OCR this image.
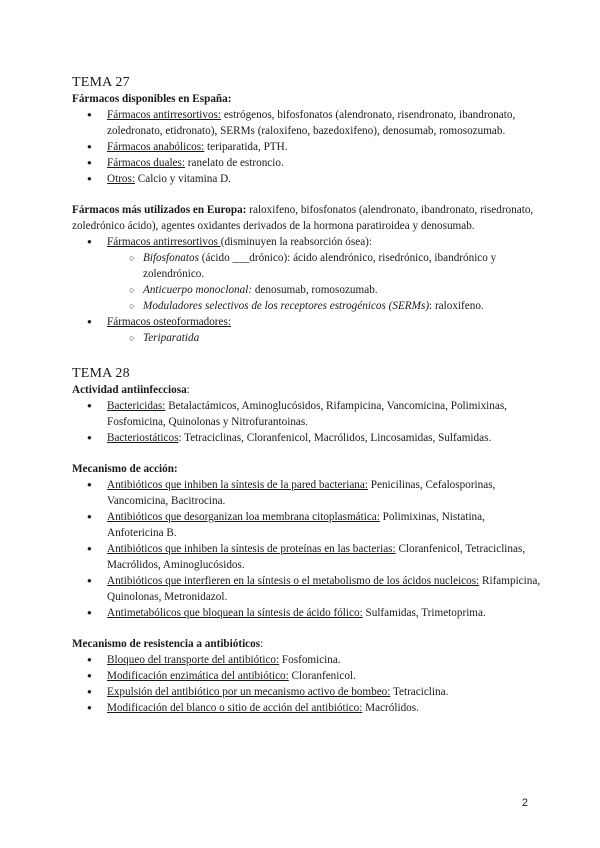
TEMA 27

Fármacos disponibles en España:

● Fármacos antirresortivos: estrógenos, bifosfonatos (alendronato, risendronato, ibandronato, zoledronato, etidronato), SERMs (raloxifeno, bazedoxifeno), denosumab, romosozumab.
● Fármacos anabólicos: teriparatida, PTH.
● Fármacos duales: ranelato de estroncio.
● Otros: Calcio y vitamina D.

Fármacos más utilizados en Europa: raloxifeno, bifosfonatos (alendronato, ibandronato, risedronato, zoledrónico ácido), agentes oxidantes derivados de la hormona paratiroidea y denosumab.

● Fármacos antirresortivos (disminuyen la reabsorción ósea):
○ Bifosfonatos (ácido ___drónico): ácido alendrónico, risedrónico, ibandrónico y zolendrónico.
○ Anticuerpo monoclonal: denosumab, romosozumab.
○ Moduladores selectivos de los receptores estrogénicos (SERMs): raloxifeno.
● Fármacos osteoformadores:
○ Teriparatida
TEMA 28

Actividad antiinfecciosa:

● Bactericidas: Betalactámicos, Aminoglucósidos, Rifampicina, Vancomicina, Polimixinas, Fosfomicina, Quinolonas y Nitrofurantoinas.
● Bacteriostáticos: Tetraciclinas, Cloranfenicol, Macrólidos, Lincosamidas, Sulfamidas.

Mecanismo de acción:

● Antibióticos que inhiben la síntesis de la pared bacteriana: Penicilinas, Cefalosporinas, Vancomicina, Bacitrocina.
● Antibióticos que desorganizan loa membrana citoplasmática: Polimixinas, Nistatina, Anfotericina B.
● Antibióticos que inhiben la síntesis de proteínas en las bacterias: Cloranfenicol, Tetraciclinas, Macrólidos, Aminoglucósidos.
● Antibióticos que interfieren en la síntesis o el metabolismo de los ácidos nucleicos: Rifampicina, Quinolonas, Metronidazol.
● Antimetabólicos que bloquean la síntesis de ácido fólico: Sulfamidas, Trimetoprima.

Mecanismo de resistencia a antibióticos:

● Bloqueo del transporte del antibiótico: Fosfomicina.
● Modificación enzimática del antibiótico: Cloranfenicol.
● Expulsión del antibiótico por un mecanismo activo de bombeo: Tetraciclina.
● Modificación del blanco o sitio de acción del antibiótico: Macrólidos.
2
